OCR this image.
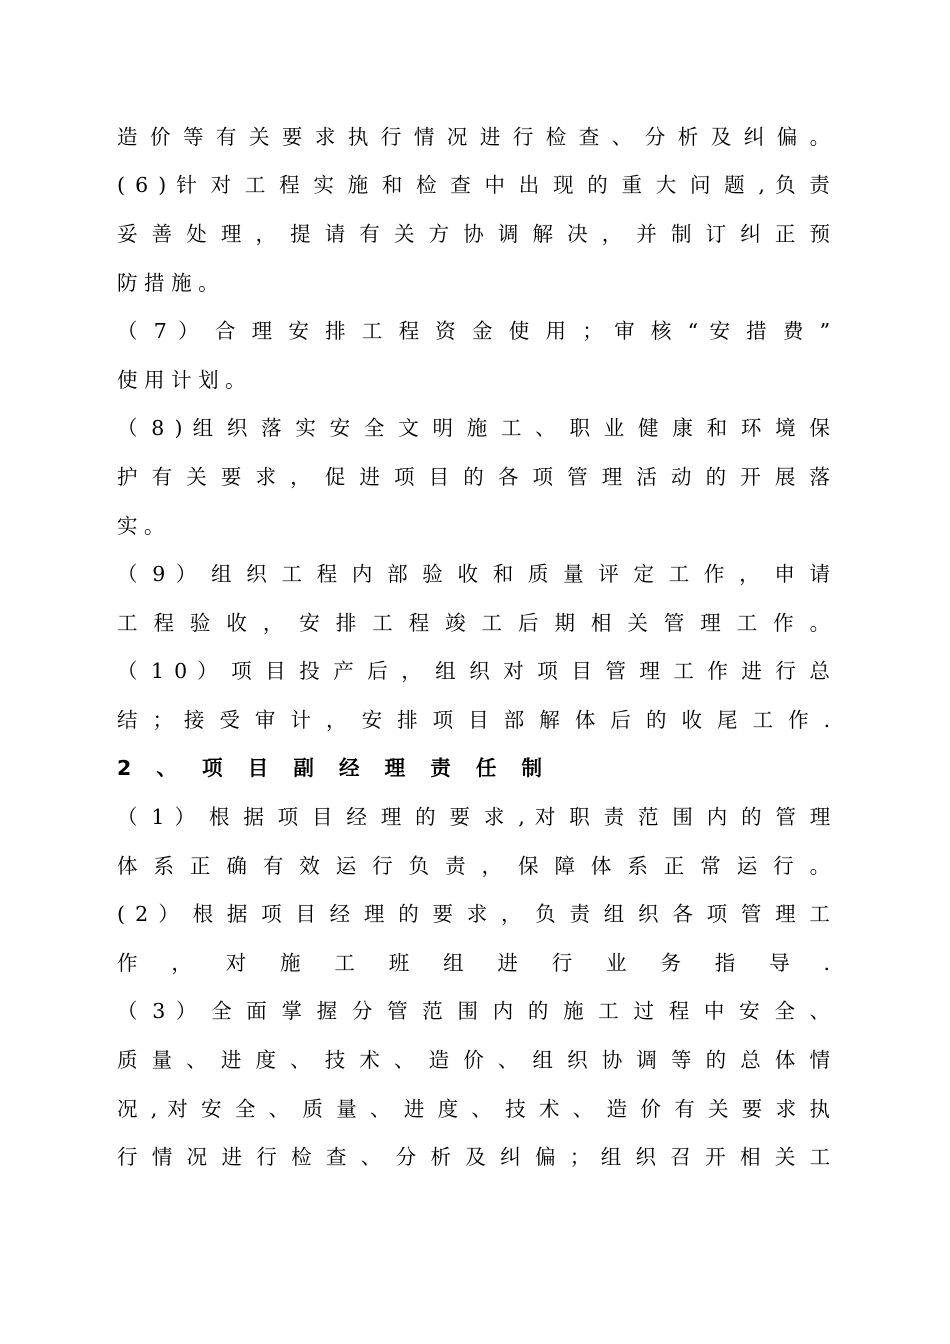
造 价 等 有 关 要 求 执 行 情 况 进 行 检 查 、 分 析 及 纠 偏 。
( 6 ) 针 对 工 程 实 施 和 检 查 中 出 现 的 重 大 问 题 , 负 责
妥 善 处 理 ， 提 请 有 关 方 协 调 解 决 ， 并 制 订 纠 正 预
防 措 施 。
（ 7 ） 合 理 安 排 工 程 资 金 使 用 ； 审 核 “ 安 措 费 ”
使 用 计 划 。
（ 8 ) 组 织 落 实 安 全 文 明 施 工 、 职 业 健 康 和 环 境 保
护 有 关 要 求 ， 促 进 项 目 的 各 项 管 理 活 动 的 开 展 落
实 。
（ 9 ） 组 织 工 程 内 部 验 收 和 质 量 评 定 工 作 ， 申 请
工 程 验 收 ， 安 排 工 程 竣 工 后 期 相 关 管 理 工 作 。
（ 1 0 ） 项 目 投 产 后 ， 组 织 对 项 目 管 理 工 作 进 行 总
结 ； 接 受 审 计 ， 安 排 项 目 部 解 体 后 的 收 尾 工 作 .
2 、 项 目 副 经 理 责 任 制
（ 1 ） 根 据 项 目 经 理 的 要 求 , 对 职 责 范 围 内 的 管 理
体 系 正 确 有 效 运 行 负 责 ， 保 障 体 系 正 常 运 行 。
( 2 ） 根 据 项 目 经 理 的 要 求 ， 负 责 组 织 各 项 管 理 工
作 ， 对 施 工 班 组 进 行 业 务 指 导 .
（ 3 ） 全 面 掌 握 分 管 范 围 内 的 施 工 过 程 中 安 全 、
质 量 、 进 度 、 技 术 、 造 价 、 组 织 协 调 等 的 总 体 情
况 , 对 安 全 、 质 量 、 进 度 、 技 术 、 造 价 有 关 要 求 执
行 情 况 进 行 检 查 、 分 析 及 纠 偏 ； 组 织 召 开 相 关 工
